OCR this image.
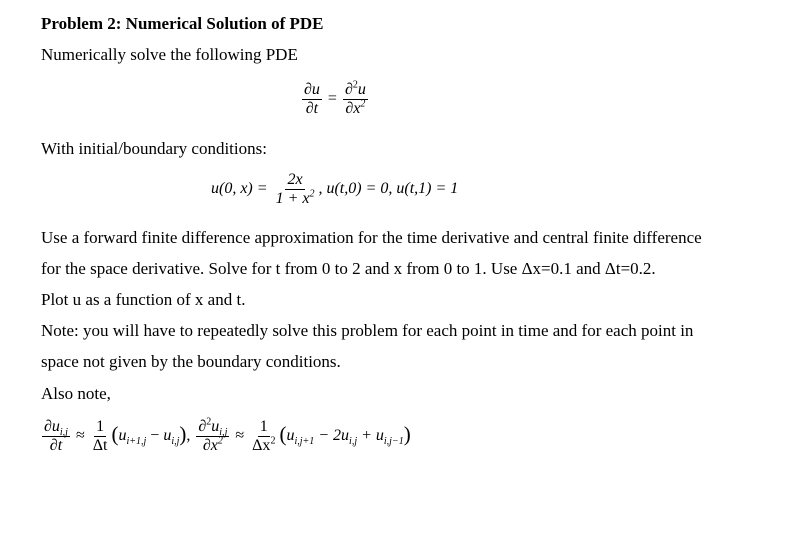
Problem 2: Numerical Solution of PDE
Numerically solve the following PDE
$\frac{\partial u}{\partial t} = \frac{\partial^2u}{\partial x^2}$
With initial/boundary conditions:
u(0, $x) = \frac{2x}{1 + x^2}$ , u(t,0) = 0, u(t,1) = 1
Use a forward finite difference approximation for the time derivative and central finite difference
for the space derivative. Solve for t from 0 to 2 and x from 0 to 1. Use Δx=0.1 and Δt=0.2.
Plot u as a function of x and t.
Note: you will have to repeatedly solve this problem for each point in time and for each point in
space not given by the boundary conditions.
Also note,
$\frac{\partial u_{i,j}}{\partial t} \approx \frac{1}{\Delta t} (u_{i+1,j} - u_{i,j})$, $\frac{\partial^2u_{i,j}}{\partial x^2} \approx \frac{1}{\Delta x^2} (u_{i,j+1} - 2u_{i,j} + u_{i,j-1})$
